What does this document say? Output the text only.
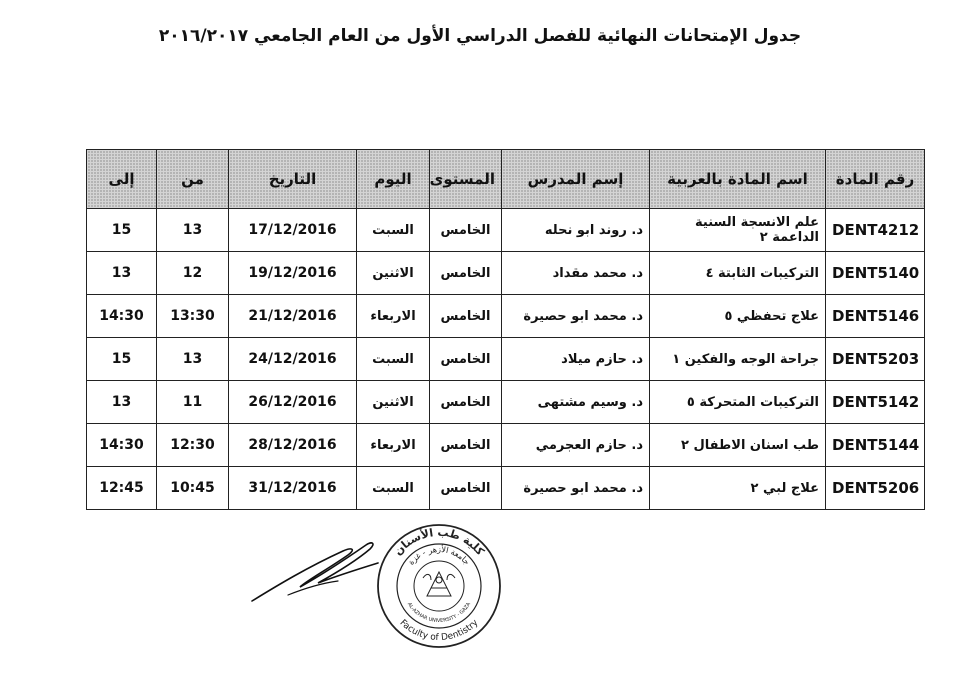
جدول الإمتحانات النهائية للفصل الدراسي الأول من العام الجامعي ٢٠١٦/٢٠١٧
إلى	من	التاريخ	اليوم	المستوى	إسم المدرس	اسم المادة بالعربية	رقم المادة
15	13	17/12/2016	السبت	الخامس	د. روند ابو نحله	علم الانسجة السنية الداعمة ٢	DENT4212
13	12	19/12/2016	الاثنين	الخامس	د. محمد مقداد	التركيبات الثابتة ٤	DENT5140
14:30	13:30	21/12/2016	الاربعاء	الخامس	د. محمد ابو حصيرة	علاج تحفظي ٥	DENT5146
15	13	24/12/2016	السبت	الخامس	د. حازم ميلاد	جراحة الوجه والفكين ١	DENT5203
13	11	26/12/2016	الاثنين	الخامس	د. وسيم مشتهى	التركيبات المتحركة ٥	DENT5142
14:30	12:30	28/12/2016	الاربعاء	الخامس	د. حازم العجرمي	طب اسنان الاطفال ٢	DENT5144
12:45	10:45	31/12/2016	السبت	الخامس	د. محمد ابو حصيرة	علاج لبي ٢	DENT5206
كلية طب الأسنان
Faculty of Dentistry
جامعة الأزهر - غزة
AL-AZHAR UNIVERSITY - GAZA
